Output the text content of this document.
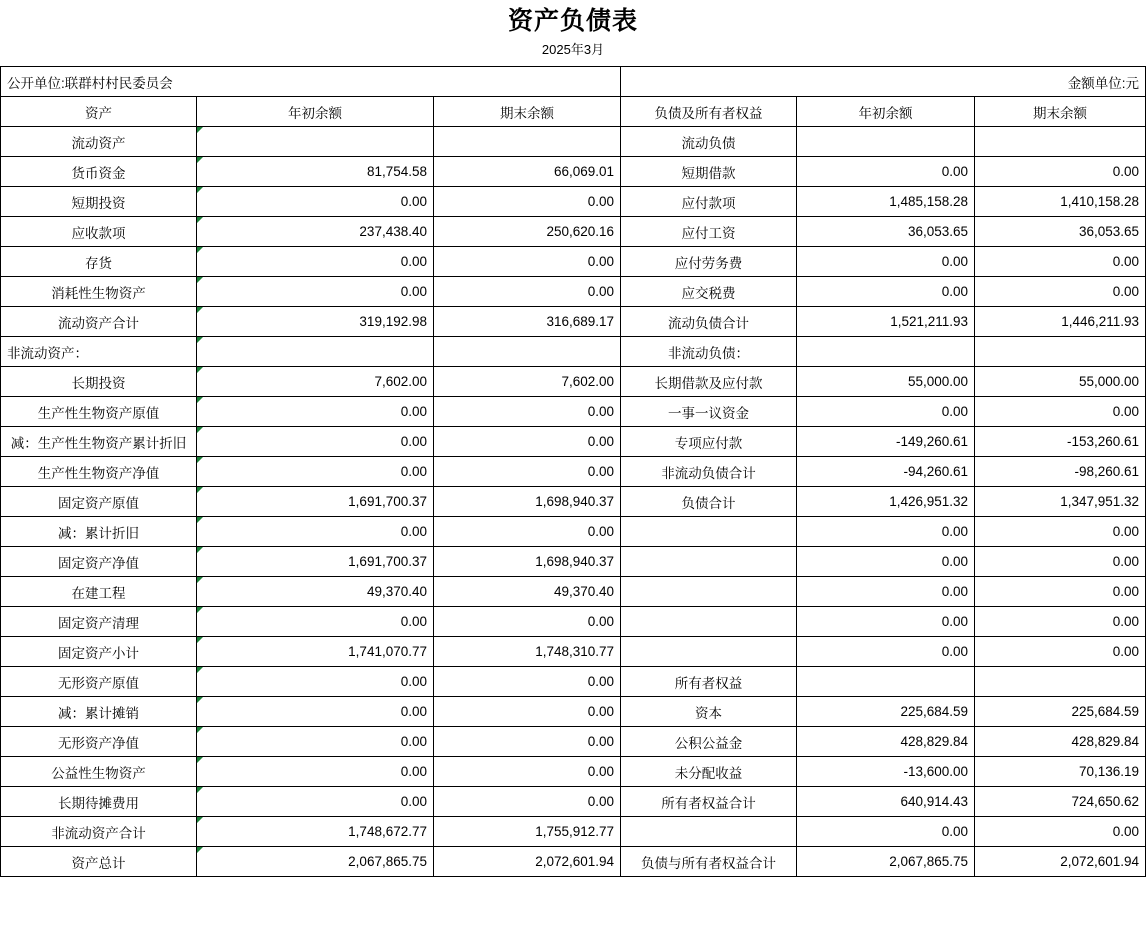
资产负债表
2025年3月
公开单位:联群村村民委员会			金额单位:元		
资产	年初余额	期末余额	负债及所有者权益	年初余额	期末余额
流动资产			流动负债		
货币资金	81,754.58	66,069.01	短期借款	0.00	0.00
短期投资	0.00	0.00	应付款项	1,485,158.28	1,410,158.28
应收款项	237,438.40	250,620.16	应付工资	36,053.65	36,053.65
存货	0.00	0.00	应付劳务费	0.00	0.00
消耗性生物资产	0.00	0.00	应交税费	0.00	0.00
流动资产合计	319,192.98	316,689.17	流动负债合计	1,521,211.93	1,446,211.93
非流动资产：			非流动负债：		
长期投资	7,602.00	7,602.00	长期借款及应付款	55,000.00	55,000.00
生产性生物资产原值	0.00	0.00	一事一议资金	0.00	0.00
减：生产性生物资产累计折旧	0.00	0.00	专项应付款	-149,260.61	-153,260.61
生产性生物资产净值	0.00	0.00	非流动负债合计	-94,260.61	-98,260.61
固定资产原值	1,691,700.37	1,698,940.37	负债合计	1,426,951.32	1,347,951.32
减：累计折旧	0.00	0.00		0.00	0.00
固定资产净值	1,691,700.37	1,698,940.37		0.00	0.00
在建工程	49,370.40	49,370.40		0.00	0.00
固定资产清理	0.00	0.00		0.00	0.00
固定资产小计	1,741,070.77	1,748,310.77		0.00	0.00
无形资产原值	0.00	0.00	所有者权益		
减：累计摊销	0.00	0.00	资本	225,684.59	225,684.59
无形资产净值	0.00	0.00	公积公益金	428,829.84	428,829.84
公益性生物资产	0.00	0.00	未分配收益	-13,600.00	70,136.19
长期待摊费用	0.00	0.00	所有者权益合计	640,914.43	724,650.62
非流动资产合计	1,748,672.77	1,755,912.77		0.00	0.00
资产总计	2,067,865.75	2,072,601.94	负债与所有者权益合计	2,067,865.75	2,072,601.94
